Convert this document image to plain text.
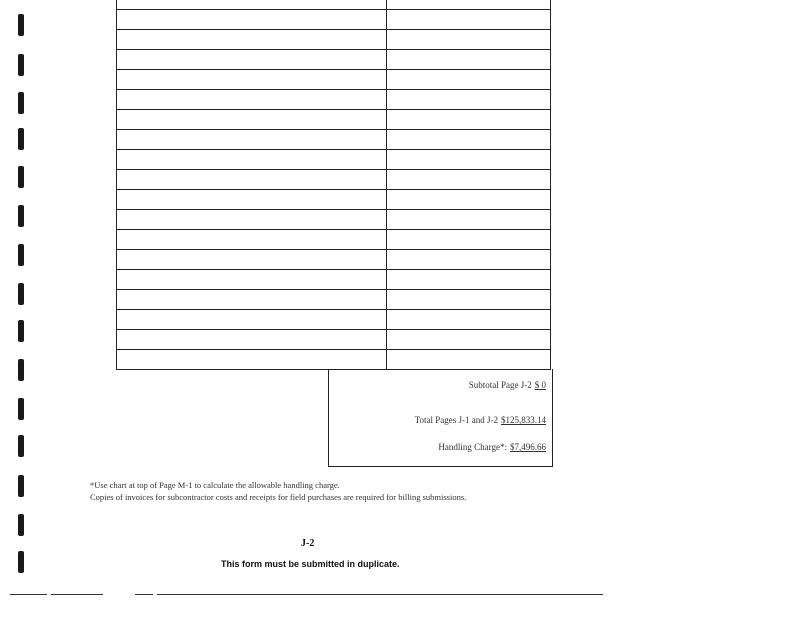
Subtotal Page J-2 $ 0
Total Pages J-1 and J-2 $125,833.14
Handling Charge*: $7,496.66
*Use chart at top of Page M-1 to calculate the allowable handling charge.
Copies of invoices for subcontractor costs and receipts for field purchases are required for billing submissions.
J-2
This form must be submitted in duplicate.
